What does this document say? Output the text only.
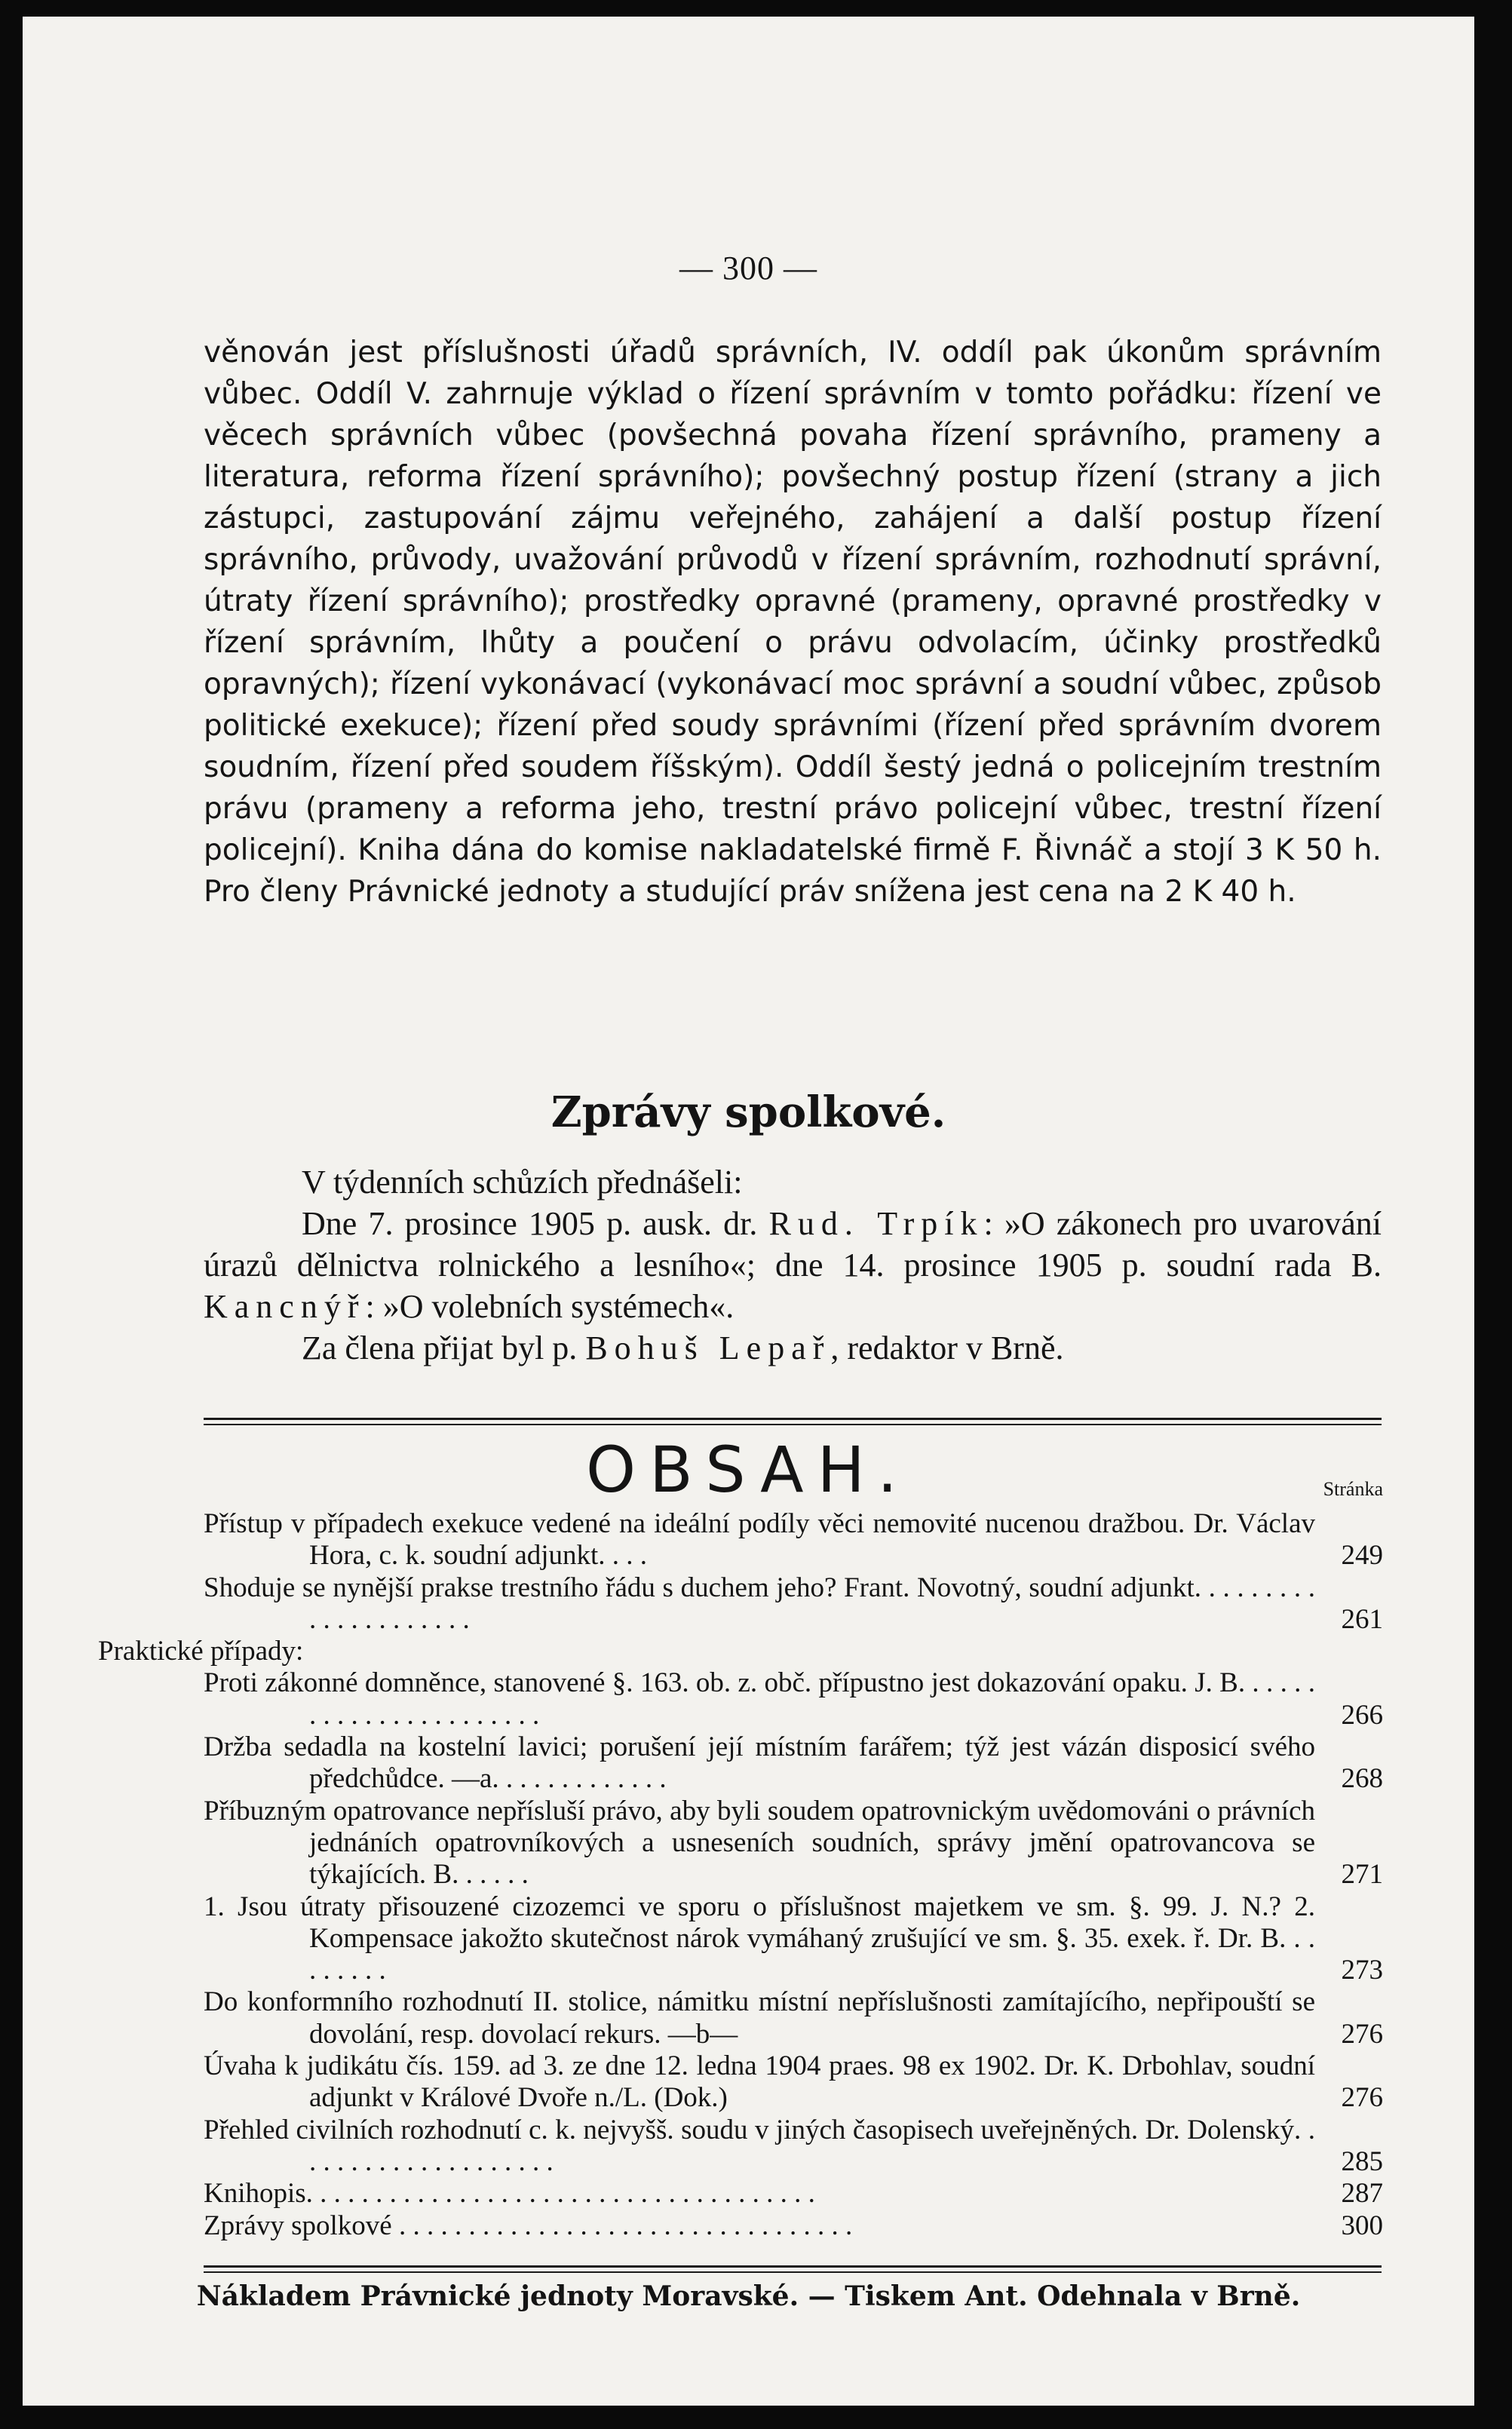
— 300 —

věnován jest příslušnosti úřadů správních, IV. oddíl pak úkonům správním vůbec. Oddíl V. zahrnuje výklad o řízení správním v tomto pořádku: řízení ve věcech správních vůbec (povšechná povaha řízení správního, prameny a literatura, reforma řízení správního); povšechný postup řízení (strany a jich zástupci, zastupování zájmu veřejného, zahájení a další postup řízení správního, průvody, uvažování průvodů v řízení správním, rozhodnutí správní, útraty řízení správního); prostředky opravné (prameny, opravné prostředky v řízení správním, lhůty a poučení o právu odvolacím, účinky prostředků opravných); řízení vykonávací (vykonávací moc správní a soudní vůbec, způsob politické exekuce); řízení před soudy správními (řízení před správním dvorem soudním, řízení před soudem říšským). Oddíl šestý jedná o policejním trestním právu (prameny a reforma jeho, trestní právo policejní vůbec, trestní řízení policejní). Kniha dána do komise nakladatelské firmě F. Řivnáč a stojí 3 K 50 h. Pro členy Právnické jednoty a studující práv snížena jest cena na 2 K 40 h.

Zprávy spolkové.

V týdenních schůzích přednášeli:

Dne 7. prosince 1905 p. ausk. dr. Rud. Trpík: »O zákonech pro uvarování úrazů dělnictva rolnického a lesního«; dne 14. prosince 1905 p. soudní rada B. Kancnýř: »O volebních systémech«.

Za člena přijat byl p. Bohuš Lepař, redaktor v Brně.

OBSAH.	Stránka
Přístup v případech exekuce vedené na ideální podíly věci nemovité nucenou dražbou. Dr. Václav Hora, c. k. soudní adjunkt. . . .	249
Shoduje se nynější prakse trestního řádu s duchem jeho? Frant. Novotný, soudní adjunkt. . . . . . . . . . . . . . . . . . . . .	261
Praktické případy:
Proti zákonné domněnce, stanovené §. 163. ob. z. obč. přípustno jest dokazování opaku. J. B. . . . . . . . . . . . . . . . . . . . . . .	266
Držba sedadla na kostelní lavici; porušení její místním farářem; týž jest vázán disposicí svého předchůdce. —a. . . . . . . . . . . . .	268
Příbuzným opatrovance nepřísluší právo, aby byli soudem opatrovnickým uvědomováni o právních jednáních opatrovníkových a usneseních soudních, správy jmění opatrovancova se týkajících. B. . . . . .	271
1. Jsou útraty přisouzené cizozemci ve sporu o příslušnost majetkem ve sm. §. 99. J. N.? 2. Kompensace jakožto skutečnost nárok vymáhaný zrušující ve sm. §. 35. exek. ř. Dr. B. . . . . . . . .	273
Do konformního rozhodnutí II. stolice, námitku místní nepříslušnosti zamítajícího, nepřipouští se dovolání, resp. dovolací rekurs. —b—	276
Úvaha k judikátu čís. 159. ad 3. ze dne 12. ledna 1904 praes. 98 ex 1902. Dr. K. Drbohlav, soudní adjunkt v Králové Dvoře n./L. (Dok.)	276
Přehled civilních rozhodnutí c. k. nejvyšš. soudu v jiných časopisech uveřejněných. Dr. Dolenský. . . . . . . . . . . . . . . . . . . .	285
Knihopis. . . . . . . . . . . . . . . . . . . . . . . . . . . . . . . . . . . . .	287
Zprávy spolkové . . . . . . . . . . . . . . . . . . . . . . . . . . . . . . . . .	300
Nákladem Právnické jednoty Moravské. — Tiskem Ant. Odehnala v Brně.
